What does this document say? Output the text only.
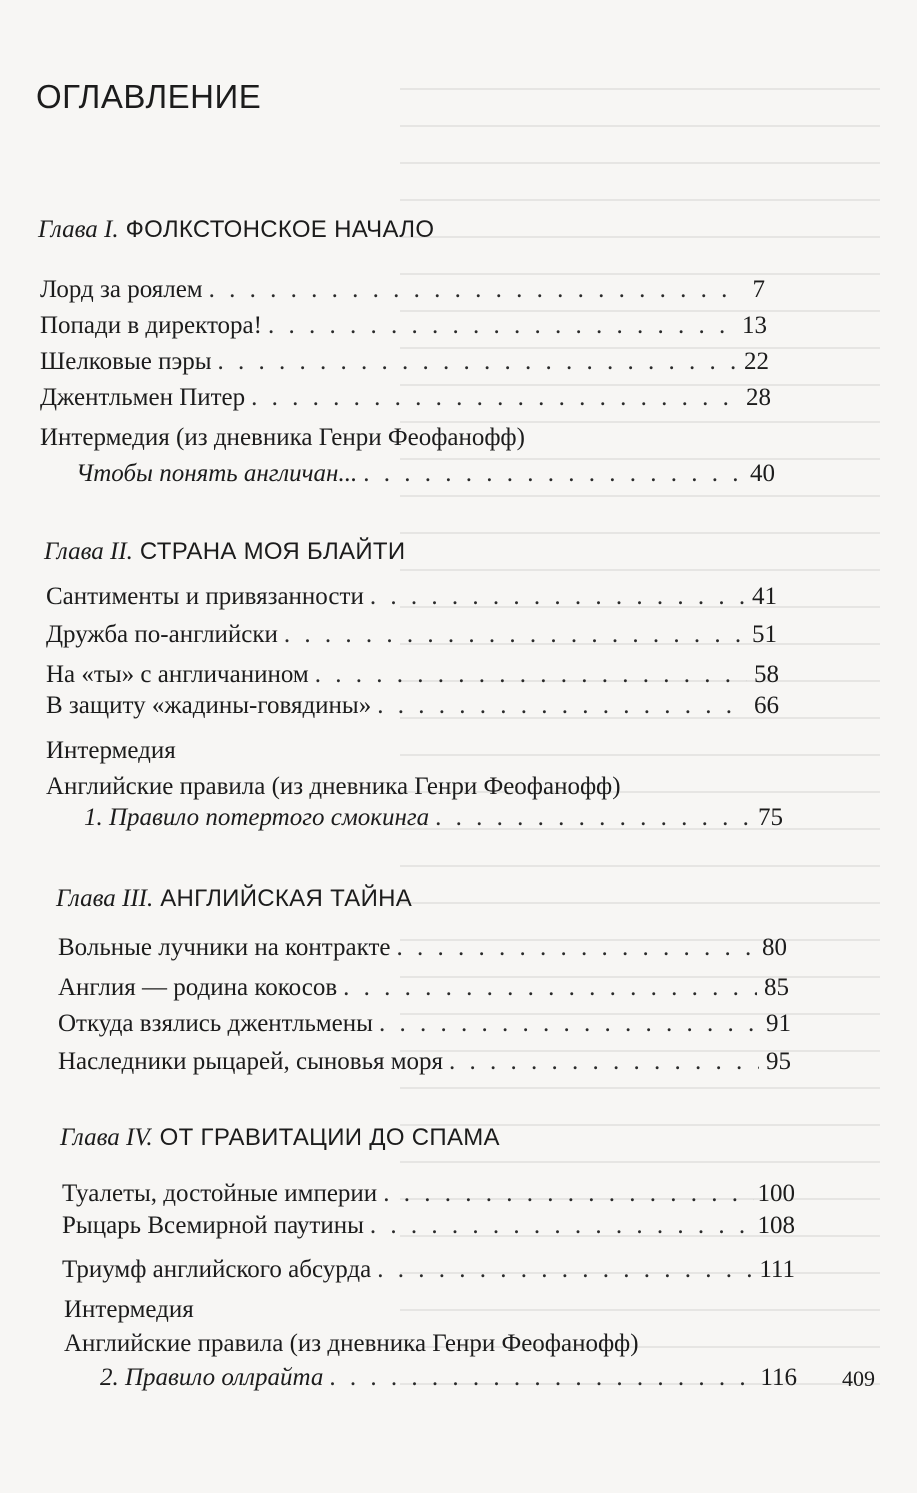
ОГЛАВЛЕНИЕ
Глава I. ФОЛКСТОНСКОЕ НАЧАЛО
Лорд за роялем . . .	7
Попади в директора! . . .	13
Шелковые пэры . . .	22
Джентльмен Питер . . .	28
Интермедия (из дневника Генри Феофанофф)
Чтобы понять англичан... . . .	40
Глава II. СТРАНА МОЯ БЛАЙТИ
Сантименты и привязанности . . .	41
Дружба по-английски . . .	51
На «ты» с англичанином . . .	58
В защиту «жадины-говядины» . . .	66
Интермедия
Английские правила (из дневника Генри Феофанофф)
1. Правило потертого смокинга . . .	75
Глава III. АНГЛИЙСКАЯ ТАЙНА
Вольные лучники на контракте . . .	80
Англия — родина кокосов . . .	85
Откуда взялись джентльмены . . .	91
Наследники рыцарей, сыновья моря . . .	95
Глава IV. ОТ ГРАВИТАЦИИ ДО СПАМА
Туалеты, достойные империи . . .	100
Рыцарь Всемирной паутины . . .	108
Триумф английского абсурда . . .	111
Интермедия
Английские правила (из дневника Генри Феофанофф)
2. Правило оллрайта . . .	116 409
